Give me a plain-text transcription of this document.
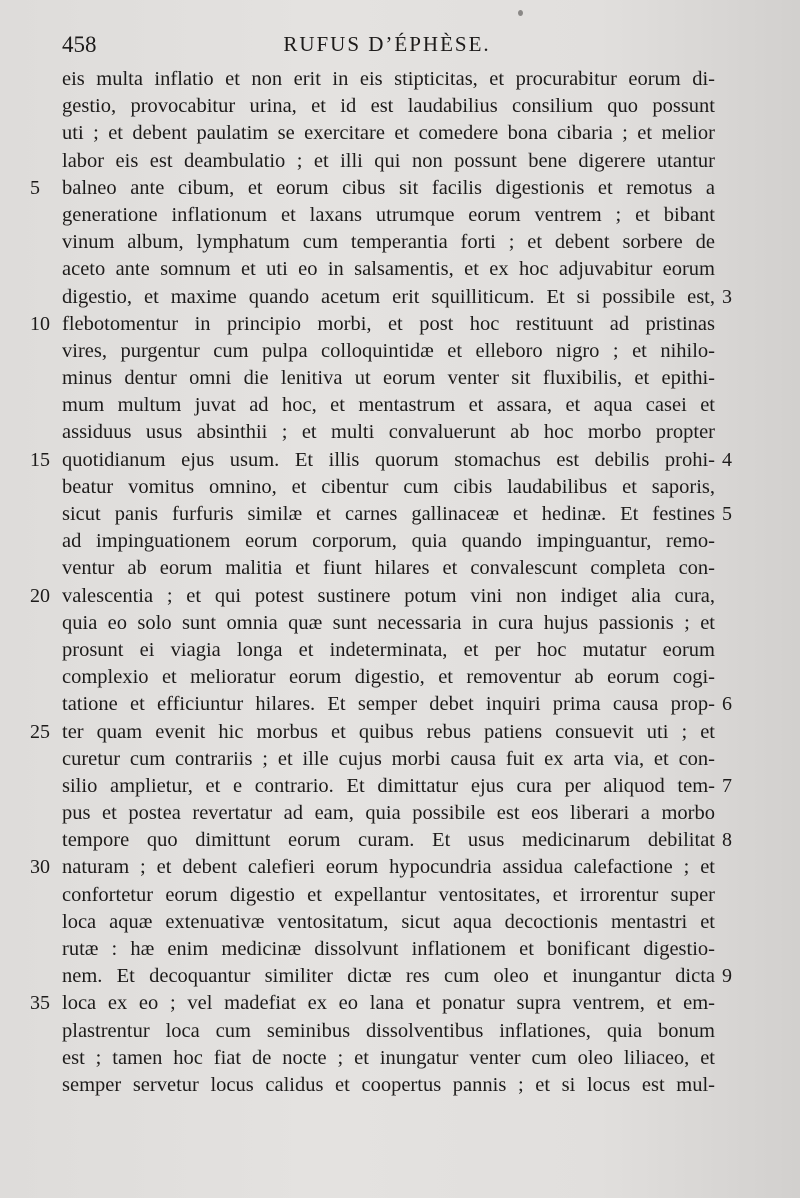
458	RUFUS D’ÉPHÈSE.
eis multa inflatio et non erit in eis stipticitas, et procurabitur eorum di-
gestio, provocabitur urina, et id est laudabilius consilium quo possunt
uti ; et debent paulatim se exercitare et comedere bona cibaria ; et melior
labor eis est deambulatio ; et illi qui non possunt bene digerere utantur
5 balneo ante cibum, et eorum cibus sit facilis digestionis et remotus a
generatione inflationum et laxans utrumque eorum ventrem ; et bibant
vinum album, lymphatum cum temperantia forti ; et debent sorbere de
aceto ante somnum et uti eo in salsamentis, et ex hoc adjuvabitur eorum
digestio, et maxime quando acetum erit squilliticum. Et si possibile est, 3
10 flebotomentur in principio morbi, et post hoc restituunt ad pristinas
vires, purgentur cum pulpa colloquintidæ et elleboro nigro ; et nihilo-
minus dentur omni die lenitiva ut eorum venter sit fluxibilis, et epithi-
mum multum juvat ad hoc, et mentastrum et assara, et aqua casei et
assiduus usus absinthii ; et multi convaluerunt ab hoc morbo propter
15 quotidianum ejus usum. Et illis quorum stomachus est debilis prohi- 4
beatur vomitus omnino, et cibentur cum cibis laudabilibus et saporis,
sicut panis furfuris similæ et carnes gallinaceæ et hedinæ. Et festines 5
ad impinguationem eorum corporum, quia quando impinguantur, remo-
ventur ab eorum malitia et fiunt hilares et convalescunt completa con-
20 valescentia ; et qui potest sustinere potum vini non indiget alia cura,
quia eo solo sunt omnia quæ sunt necessaria in cura hujus passionis ; et
prosunt ei viagia longa et indeterminata, et per hoc mutatur eorum
complexio et melioratur eorum digestio, et removentur ab eorum cogi-
tatione et efficiuntur hilares. Et semper debet inquiri prima causa prop- 6
25 ter quam evenit hic morbus et quibus rebus patiens consuevit uti ; et
curetur cum contrariis ; et ille cujus morbi causa fuit ex arta via, et con-
silio amplietur, et e contrario. Et dimittatur ejus cura per aliquod tem- 7
pus et postea revertatur ad eam, quia possibile est eos liberari a morbo
tempore quo dimittunt eorum curam. Et usus medicinarum debilitat 8
30 naturam ; et debent calefieri eorum hypocundria assidua calefactione ; et
confortetur eorum digestio et expellantur ventositates, et irrorentur super
loca aquæ extenuativæ ventositatum, sicut aqua decoctionis mentastri et
rutæ : hæ enim medicinæ dissolvunt inflationem et bonificant digestio-
nem. Et decoquantur similiter dictæ res cum oleo et inungantur dicta 9
35 loca ex eo ; vel madefiat ex eo lana et ponatur supra ventrem, et em-
plastrentur loca cum seminibus dissolventibus inflationes, quia bonum
est ; tamen hoc fiat de nocte ; et inungatur venter cum oleo liliaceo, et
semper servetur locus calidus et coopertus pannis ; et si locus est mul-
